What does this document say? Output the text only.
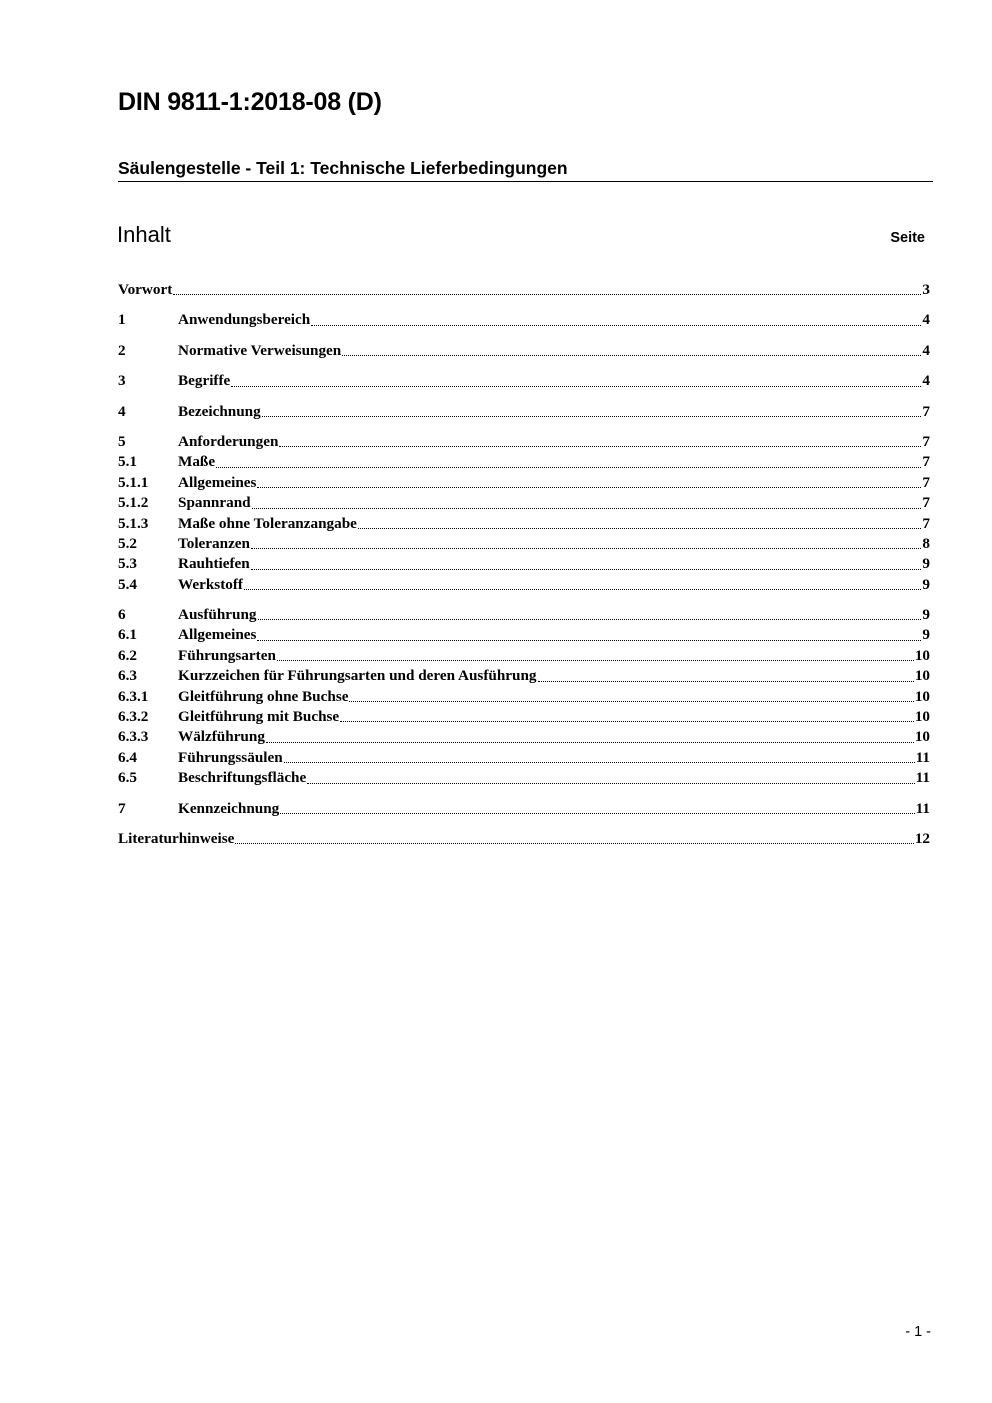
DIN 9811-1:2018-08 (D)
Säulengestelle - Teil 1: Technische Lieferbedingungen
Inhalt	Seite
Vorwort	3
1	Anwendungsbereich	4
2	Normative Verweisungen	4
3	Begriffe	4
4	Bezeichnung	7
5	Anforderungen	7
5.1	Maße	7
5.1.1	Allgemeines	7
5.1.2	Spannrand	7
5.1.3	Maße ohne Toleranzangabe	7
5.2	Toleranzen	8
5.3	Rauhtiefen	9
5.4	Werkstoff	9
6	Ausführung	9
6.1	Allgemeines	9
6.2	Führungsarten	10
6.3	Kurzzeichen für Führungsarten und deren Ausführung	10
6.3.1	Gleitführung ohne Buchse	10
6.3.2	Gleitführung mit Buchse	10
6.3.3	Wälzführung	10
6.4	Führungssäulen	11
6.5	Beschriftungsfläche	11
7	Kennzeichnung	11
Literaturhinweise	12
- 1 -
